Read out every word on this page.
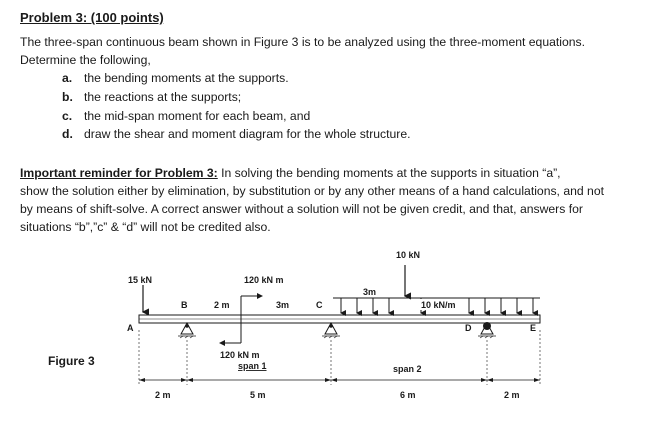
Problem 3: (100 points)
The three-span continuous beam shown in Figure 3 is to be analyzed using the three-moment equations.
Determine the following,
a. the bending moments at the supports.
b. the reactions at the supports;
c. the mid-span moment for each beam, and
d. draw the shear and moment diagram for the whole structure.
Important reminder for Problem 3: In solving the bending moments at the supports in situation “a”,
show the solution either by elimination, by substitution or by any other means of a hand calculations, and not
by means of shift-solve. A correct answer without a solution will not be given credit, and that, answers for
situations “b”,”c” & “d” will not be credited also.
Figure 3
15 kN
A
B	C
D	E
2 m	3m
120 kN m
120 kN m
span 1
10 kN/m
10 kN
3m
span 2
2 m	5 m	6 m	2 m
